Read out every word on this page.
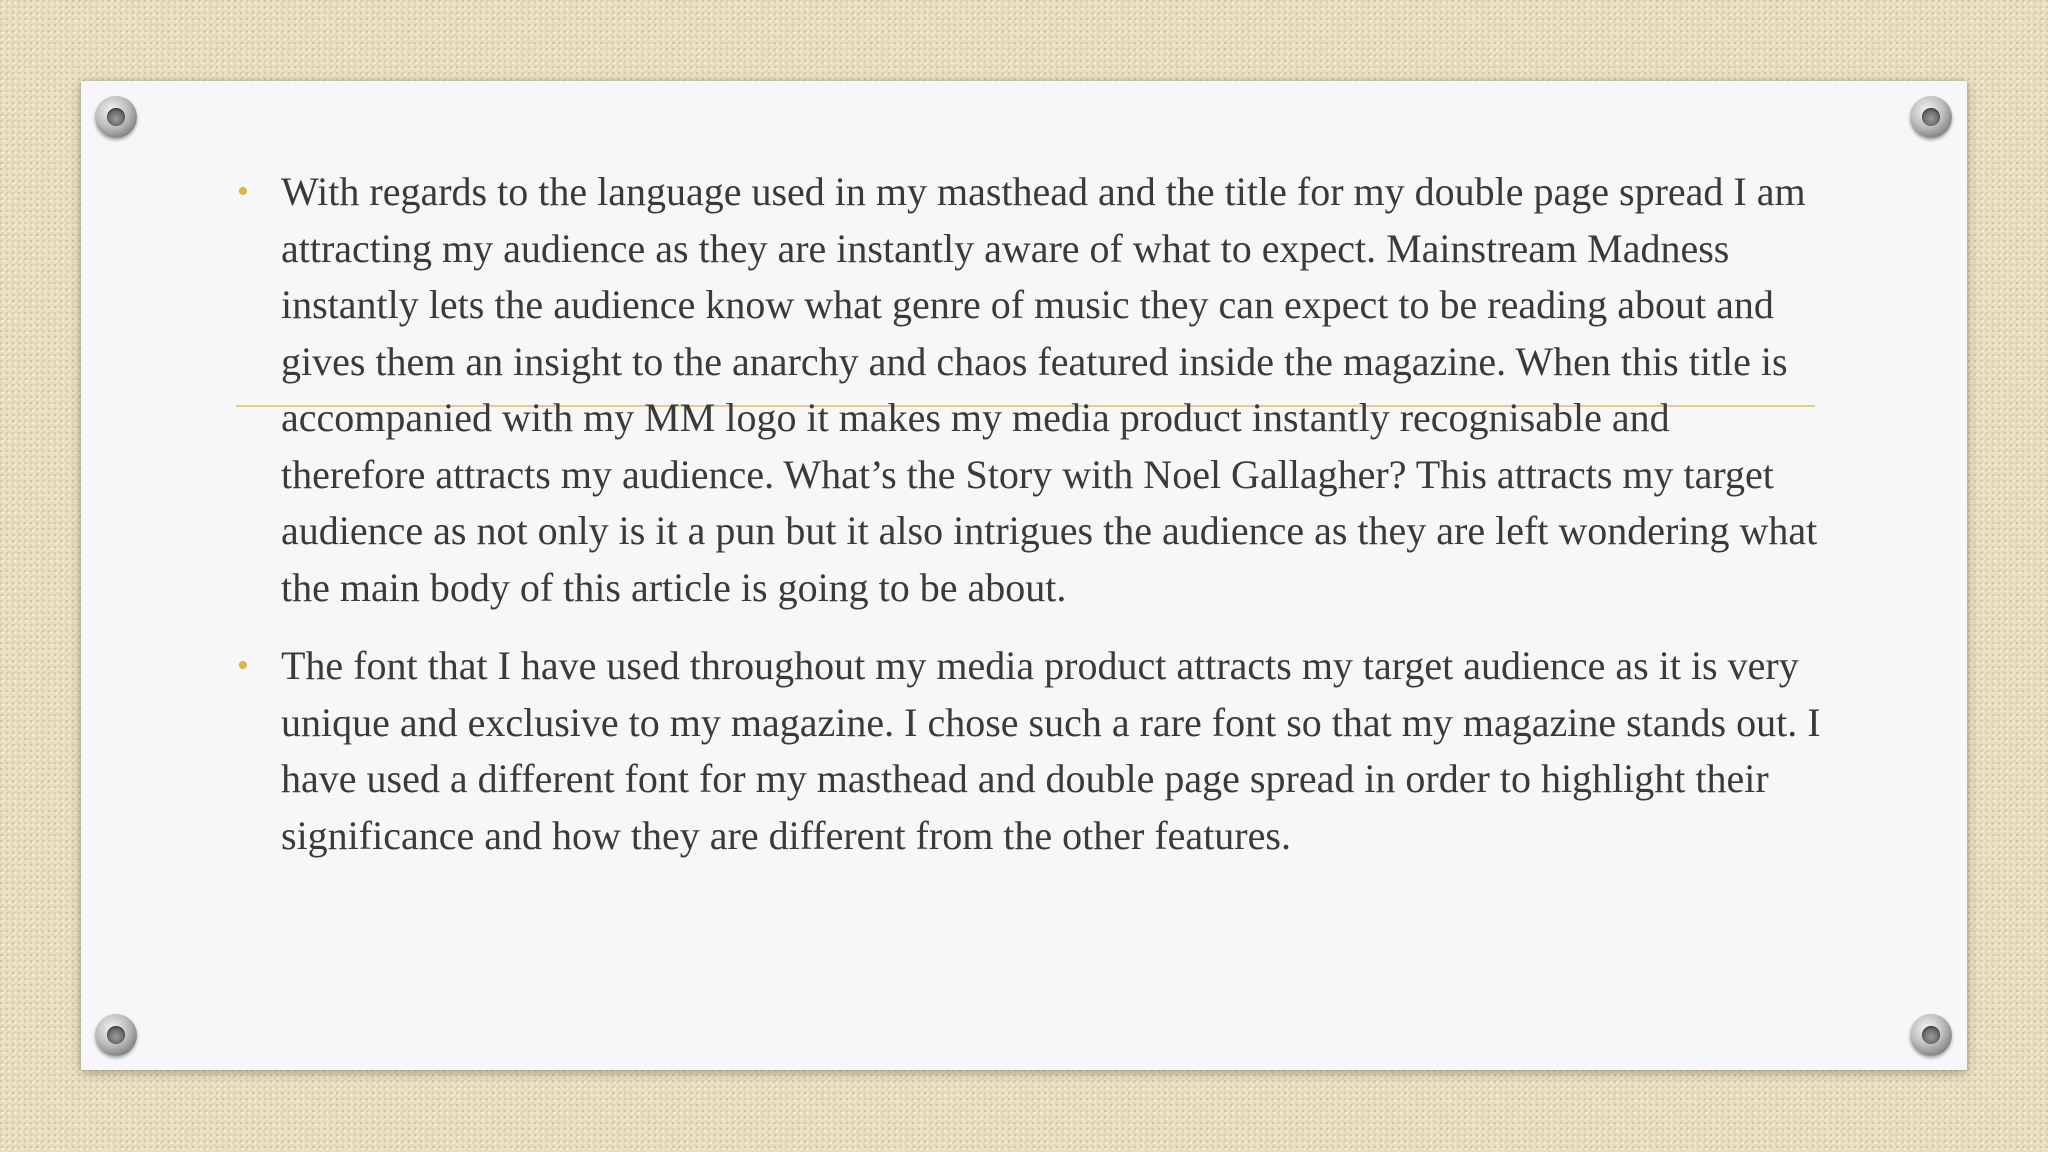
• With regards to the language used in my masthead and the title for my double page spread I am attracting my audience as they are instantly aware of what to expect. Mainstream Madness instantly lets the audience know what genre of music they can expect to be reading about and gives them an insight to the anarchy and chaos featured inside the magazine. When this title is accompanied with my MM logo it makes my media product instantly recognisable and therefore attracts my audience. What’s the Story with Noel Gallagher? This attracts my target audience as not only is it a pun but it also intrigues the audience as they are left wondering what the main body of this article is going to be about.
• The font that I have used throughout my media product attracts my target audience as it is very unique and exclusive to my magazine. I chose such a rare font so that my magazine stands out. I have used a different font for my masthead and double page spread in order to highlight their significance and how they are different from the other features.
